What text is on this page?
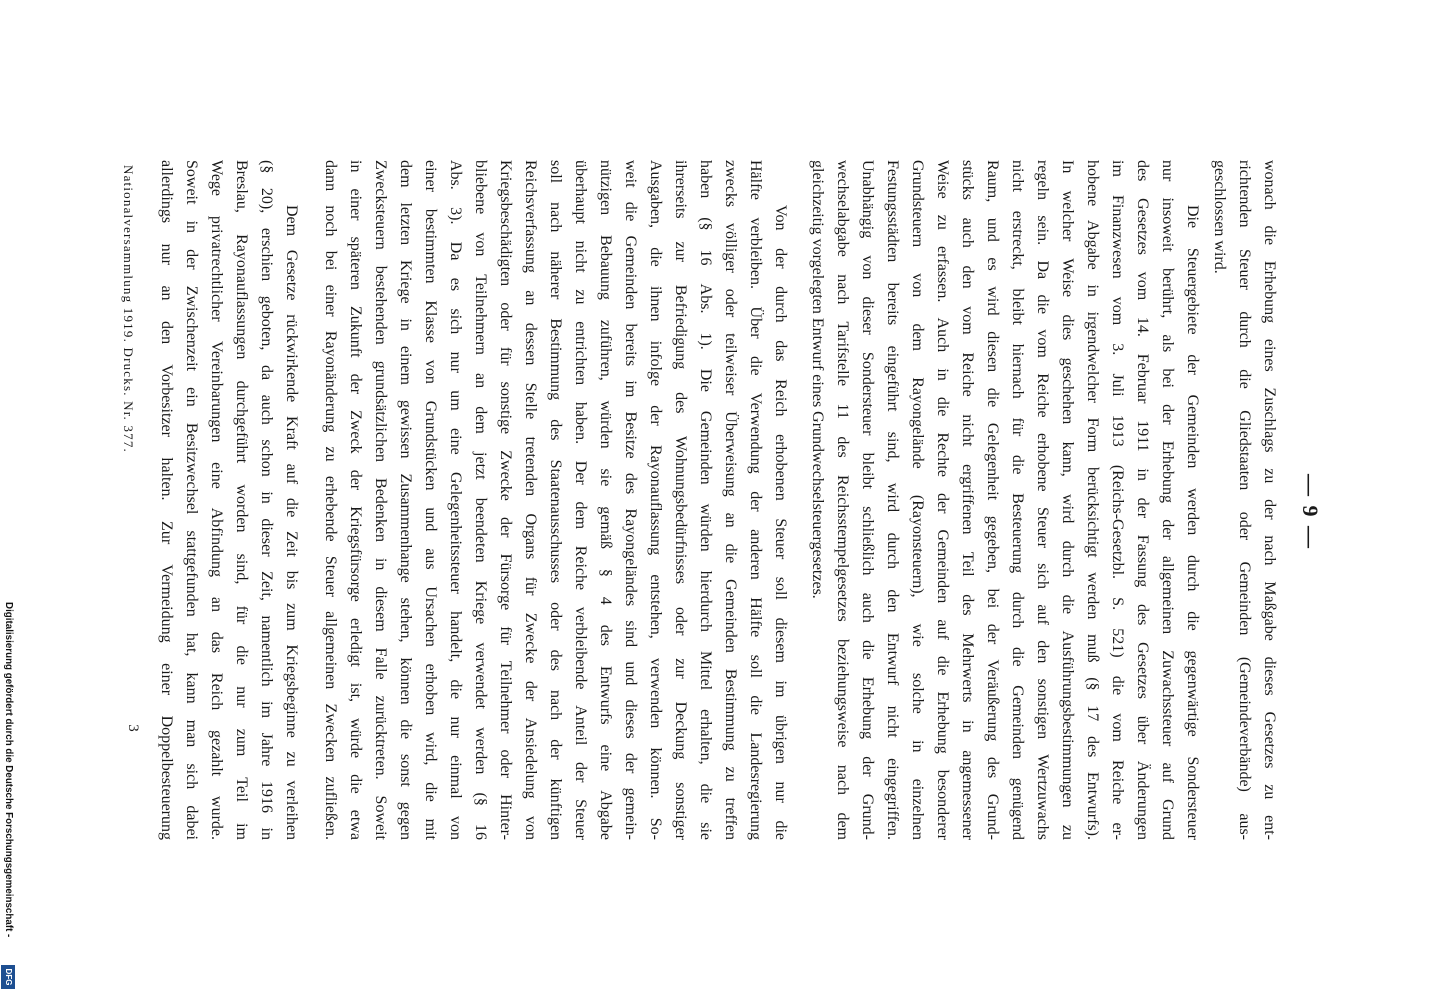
— 9 —
wonach die Erhebung eines Zuschlags zu der nach Maßgabe dieses Gesetzes zu ent-
richtenden Steuer durch die Gliedstaaten oder Gemeinden (Gemeindeverbände) aus-
geschlossen wird.
Die Steuergebiete der Gemeinden werden durch die gegenwärtige Sondersteuer
nur insoweit berührt, als bei der Erhebung der allgemeinen Zuwachssteuer auf Grund
des Gesetzes vom 14. Februar 1911 in der Fassung des Gesetzes über Änderungen
im Finanzwesen vom 3. Juli 1913 (Reichs-Gesetzbl. S. 521) die vom Reiche er-
hobene Abgabe in irgendwelcher Form berücksichtigt werden muß (§ 17 des Entwurfs).
In welcher Weise dies geschehen kann, wird durch die Ausführungsbestimmungen zu
regeln sein. Da die vom Reiche erhobene Steuer sich auf den sonstigen Wertzuwachs
nicht erstreckt, bleibt hiernach für die Besteuerung durch die Gemeinden genügend
Raum, und es wird diesen die Gelegenheit gegeben, bei der Veräußerung des Grund-
stücks auch den vom Reiche nicht ergriffenen Teil des Mehrwerts in angemessener
Weise zu erfassen. Auch in die Rechte der Gemeinden auf die Erhebung besonderer
Grundsteuern von dem Rayongelände (Rayonsteuern), wie solche in einzelnen
Festungsstädten bereits eingeführt sind, wird durch den Entwurf nicht eingegriffen.
Unabhängig von dieser Sondersteuer bleibt schließlich auch die Erhebung der Grund-
wechselabgabe nach Tarifstelle 11 des Reichsstempelgesetzes beziehungsweise nach dem
gleichzeitig vorgelegten Entwurf eines Grundwechselsteuergesetzes.
Von der durch das Reich erhobenen Steuer soll diesem im übrigen nur die
Hälfte verbleiben. Über die Verwendung der anderen Hälfte soll die Landesregierung
zwecks völliger oder teilweiser Überweisung an die Gemeinden Bestimmung zu treffen
haben (§ 16 Abs. 1). Die Gemeinden würden hierdurch Mittel erhalten, die sie
ihrerseits zur Befriedigung des Wohnungsbedürfnisses oder zur Deckung sonstiger
Ausgaben, die ihnen infolge der Rayonauflassung entstehen, verwenden können. So-
weit die Gemeinden bereits im Besitze des Rayongeländes sind und dieses der gemein-
nützigen Bebauung zuführen, würden sie gemäß § 4 des Entwurfs eine Abgabe
überhaupt nicht zu entrichten haben. Der dem Reiche verbleibende Anteil der Steuer
soll nach näherer Bestimmung des Staatenausschusses oder des nach der künftigen
Reichsverfassung an dessen Stelle tretenden Organs für Zwecke der Ansiedelung von
Kriegsbeschädigten oder für sonstige Zwecke der Fürsorge für Teilnehmer oder Hinter-
bliebene von Teilnehmern an dem jetzt beendeten Kriege verwendet werden (§ 16
Abs. 3). Da es sich nur um eine Gelegenheitssteuer handelt, die nur einmal von
einer bestimmten Klasse von Grundstücken und aus Ursachen erhoben wird, die mit
dem letzten Kriege in einem gewissen Zusammenhange stehen, können die sonst gegen
Zwecksteuern bestehenden grundsätzlichen Bedenken in diesem Falle zurücktreten. Soweit
in einer späteren Zukunft der Zweck der Kriegsfürsorge erledigt ist, würde die etwa
dann noch bei einer Rayonänderung zu erhebende Steuer allgemeinen Zwecken zufließen.
Dem Gesetze rückwirkende Kraft auf die Zeit bis zum Kriegsbeginne zu verleihen
(§ 20), erschien geboten, da auch schon in dieser Zeit, namentlich im Jahre 1916 in
Breslau, Rayonauflassungen durchgeführt worden sind, für die nur zum Teil im
Wege privatrechtlicher Vereinbarungen eine Abfindung an das Reich gezahlt wurde.
Soweit in der Zwischenzeit ein Besitzwechsel stattgefunden hat, kann man sich dabei
allerdings nur an den Vorbesitzer halten. Zur Vermeidung einer Doppelbesteuerung
Nationalversammlung 1919. Drucks. Nr. 377.
3
Digitalisierung gefördert durch die Deutsche Forschungsgemeinschaft -
DFG
